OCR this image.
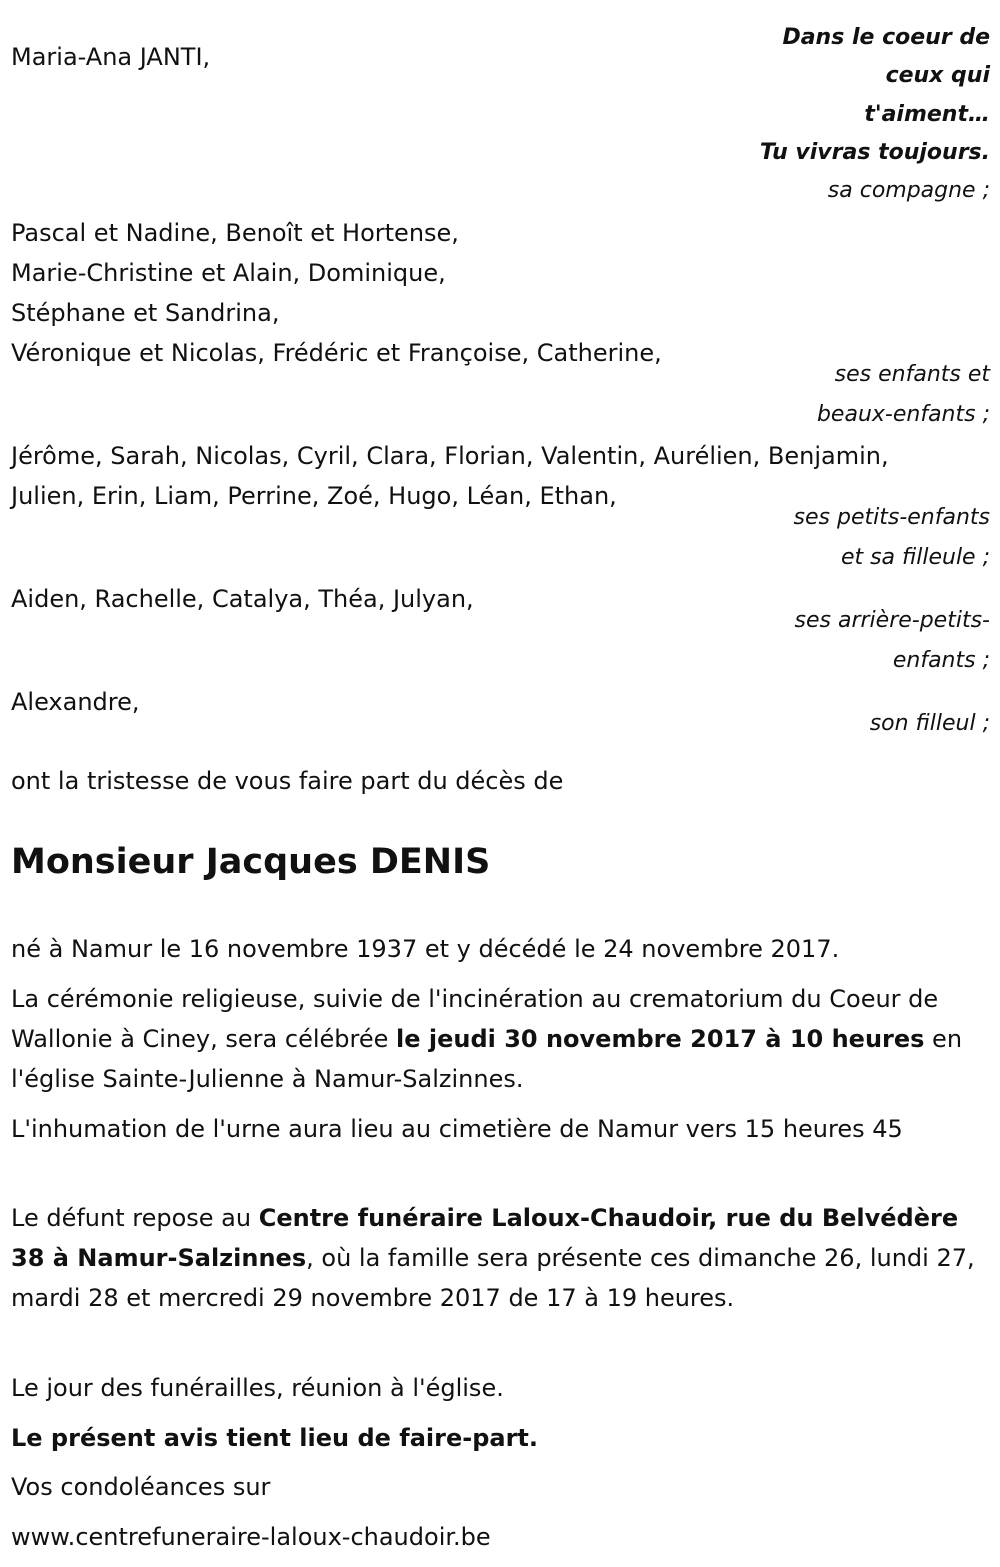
Dans le coeur de
ceux qui
t'aiment…
Tu vivras toujours.
Maria-Ana JANTI,
sa compagne ;
Pascal et Nadine, Benoît et Hortense,
Marie-Christine et Alain, Dominique,
Stéphane et Sandrina,
Véronique et Nicolas, Frédéric et Françoise, Catherine,
ses enfants et
beaux-enfants ;
Jérôme, Sarah, Nicolas, Cyril, Clara, Florian, Valentin, Aurélien, Benjamin,
Julien, Erin, Liam, Perrine, Zoé, Hugo, Léan, Ethan,
ses petits-enfants
et sa filleule ;
Aiden, Rachelle, Catalya, Théa, Julyan,
ses arrière-petits-
enfants ;
Alexandre,
son filleul ;
ont la tristesse de vous faire part du décès de
Monsieur Jacques DENIS

né à Namur le 16 novembre 1937 et y décédé le 24 novembre 2017.

La cérémonie religieuse, suivie de l'incinération au crematorium du Coeur de Wallonie à Ciney, sera célébrée le jeudi 30 novembre 2017 à 10 heures en l'église Sainte-Julienne à Namur-Salzinnes.

L'inhumation de l'urne aura lieu au cimetière de Namur vers 15 heures 45

Le défunt repose au Centre funéraire Laloux-Chaudoir, rue du Belvédère 38 à Namur-Salzinnes, où la famille sera présente ces dimanche 26, lundi 27, mardi 28 et mercredi 29 novembre 2017 de 17 à 19 heures.

Le jour des funérailles, réunion à l'église.

Le présent avis tient lieu de faire-part.

Vos condoléances sur

www.centrefuneraire-laloux-chaudoir.be
